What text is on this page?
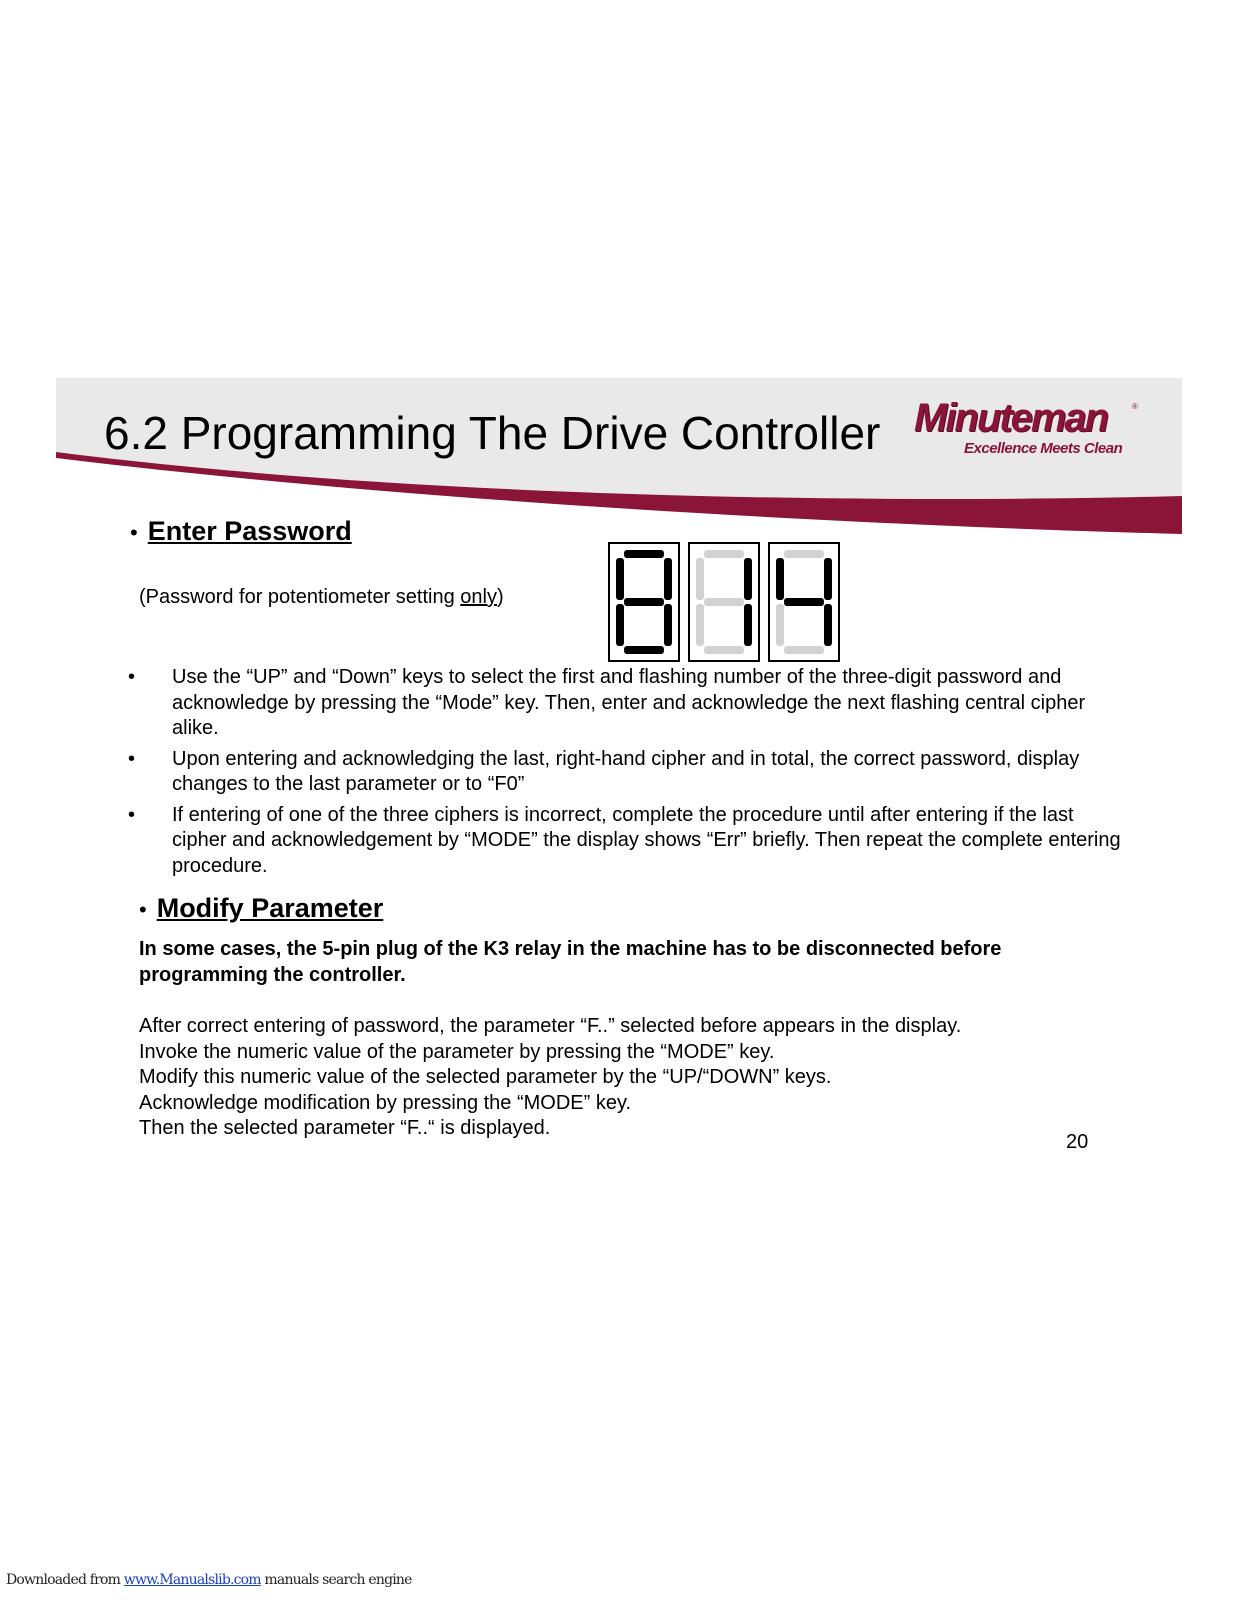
6.2 Programming The Drive Controller Minuteman	®
Excellence Meets Clean
• Enter Password
(Password for potentiometer setting only)
• Use the “UP” and “Down” keys to select the first and flashing number of the three-digit password and acknowledge by pressing the “Mode” key. Then, enter and acknowledge the next flashing central cipher alike.
• Upon entering and acknowledging the last, right-hand cipher and in total, the correct password, display changes to the last parameter or to “F0”
• If entering of one of the three ciphers is incorrect, complete the procedure until after entering if the last cipher and acknowledgement by “MODE” the display shows “Err” briefly. Then repeat the complete entering procedure.
• Modify Parameter
In some cases, the 5-pin plug of the K3 relay in the machine has to be disconnected before programming the controller.
After correct entering of password, the parameter “F..” selected before appears in the display.
Invoke the numeric value of the parameter by pressing the “MODE” key.
Modify this numeric value of the selected parameter by the “UP/“DOWN” keys.
Acknowledge modification by pressing the “MODE” key.
Then the selected parameter “F..“ is displayed.
20
Downloaded from www.Manualslib.com manuals search engine
